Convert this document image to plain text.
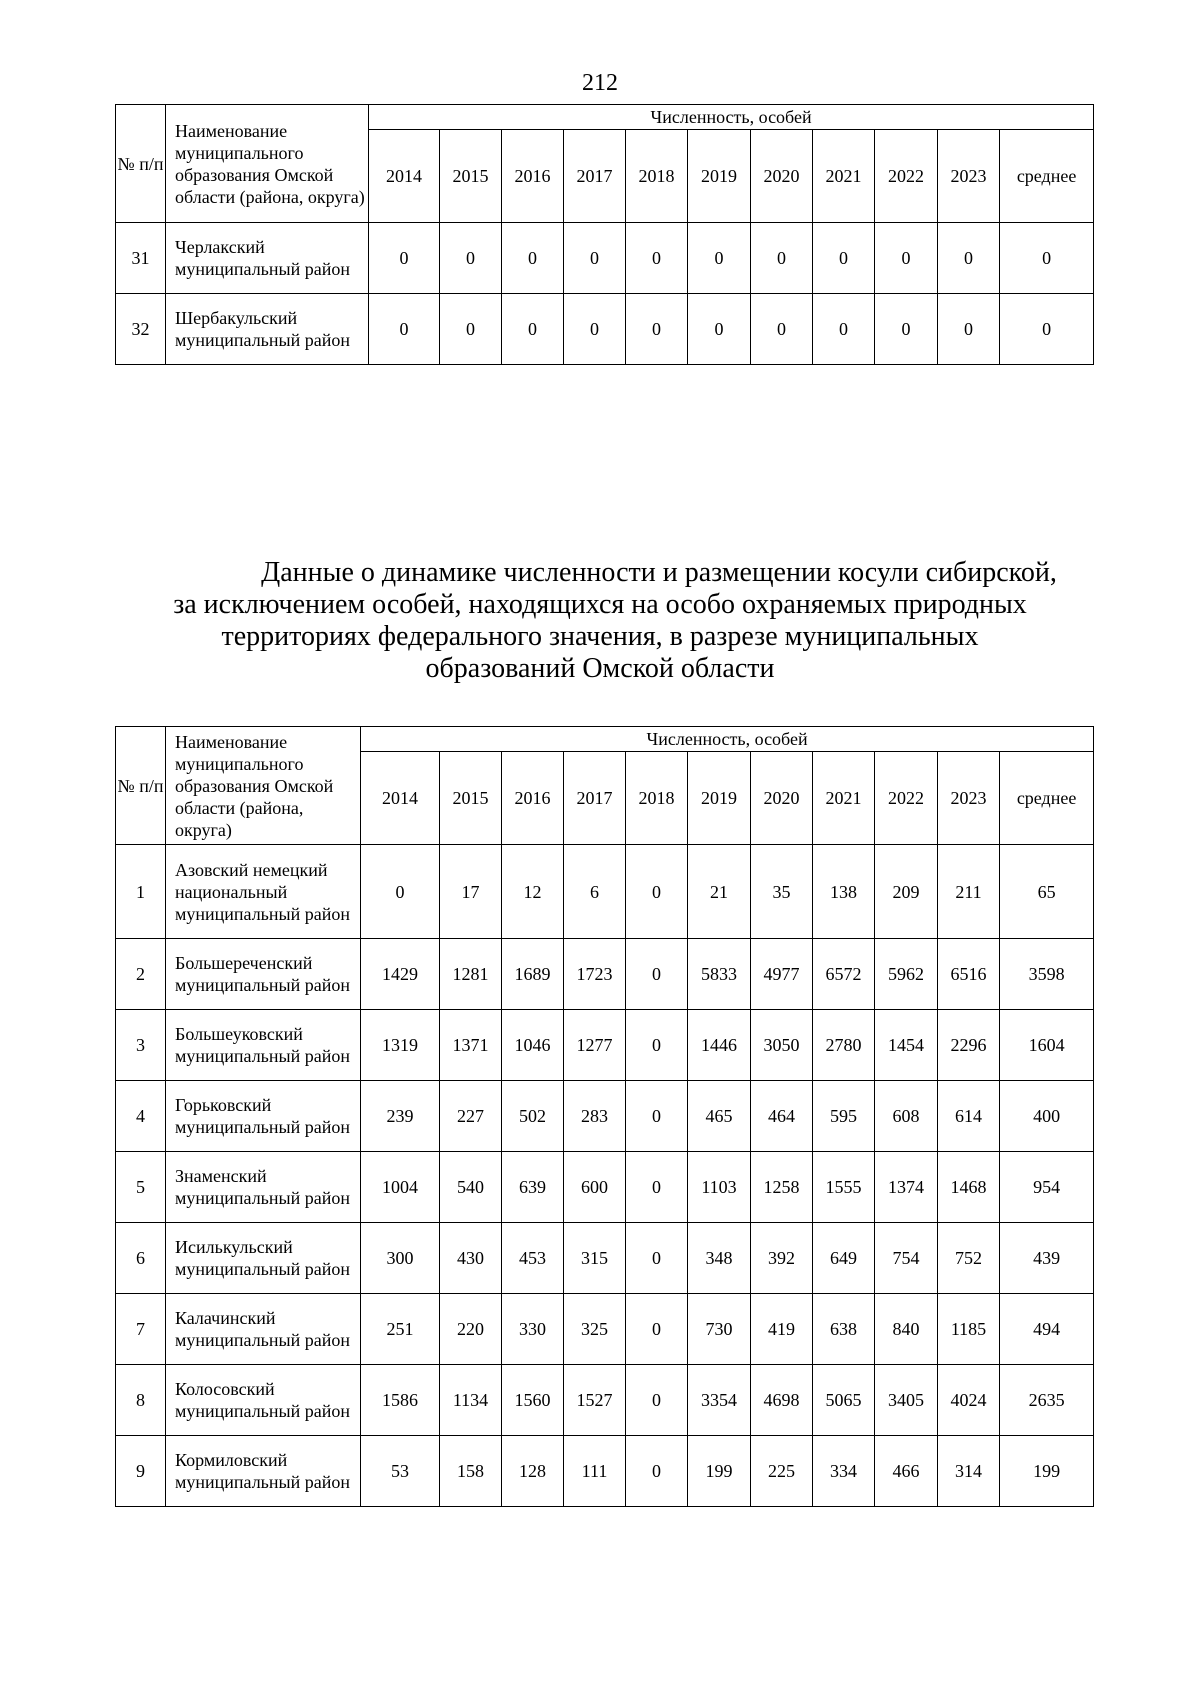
212
№ п/п	Наименование муниципального образования Омской области (района, округа)	Численность, особей										
		2014	2015	2016	2017	2018	2019	2020	2021	2022	2023	среднее
31	Черлакский муниципальный район	0	0	0	0	0	0	0	0	0	0	0
32	Шербакульский муниципальный район	0	0	0	0	0	0	0	0	0	0	0
Данные о динамике численности и размещении косули сибирской,
за исключением особей, находящихся на особо охраняемых природных
территориях федерального значения, в разрезе муниципальных
образований Омской области
№ п/п	Наименование муниципального образования Омской области (района, округа)	Численность, особей										
		2014	2015	2016	2017	2018	2019	2020	2021	2022	2023	среднее
1	Азовский немецкий национальный муниципальный район	0	17	12	6	0	21	35	138	209	211	65
2	Большереченский муниципальный район	1429	1281	1689	1723	0	5833	4977	6572	5962	6516	3598
3	Большеуковский муниципальный район	1319	1371	1046	1277	0	1446	3050	2780	1454	2296	1604
4	Горьковский муниципальный район	239	227	502	283	0	465	464	595	608	614	400
5	Знаменский муниципальный район	1004	540	639	600	0	1103	1258	1555	1374	1468	954
6	Исилькульский муниципальный район	300	430	453	315	0	348	392	649	754	752	439
7	Калачинский муниципальный район	251	220	330	325	0	730	419	638	840	1185	494
8	Колосовский муниципальный район	1586	1134	1560	1527	0	3354	4698	5065	3405	4024	2635
9	Кормиловский муниципальный район	53	158	128	111	0	199	225	334	466	314	199
